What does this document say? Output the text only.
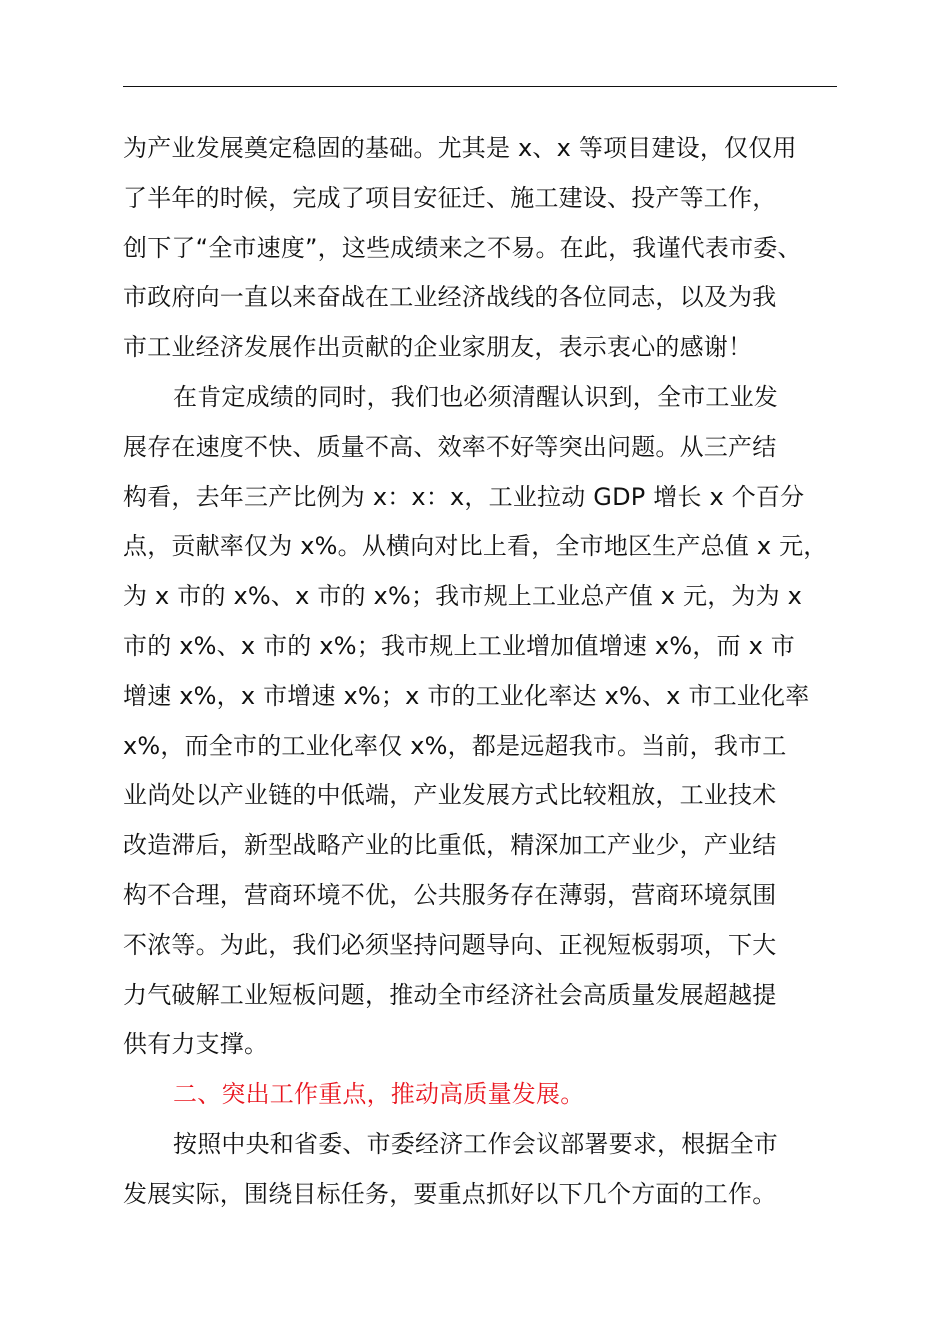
为产业发展奠定稳固的基础。尤其是 x、x 等项目建设，仅仅用
了半年的时候，完成了项目安征迁、施工建设、投产等工作，
创下了“全市速度”，这些成绩来之不易。在此，我谨代表市委、
市政府向一直以来奋战在工业经济战线的各位同志，以及为我
市工业经济发展作出贡献的企业家朋友，表示衷心的感谢！
在肯定成绩的同时，我们也必须清醒认识到，全市工业发
展存在速度不快、质量不高、效率不好等突出问题。从三产结
构看，去年三产比例为 x：x：x，工业拉动 GDP 增长 x 个百分
点，贡献率仅为 x%。从横向对比上看，全市地区生产总值 x 元，
为 x 市的 x%、x 市的 x%；我市规上工业总产值 x 元，为为 x
市的 x%、x 市的 x%；我市规上工业增加值增速 x%，而 x 市
增速 x%，x 市增速 x%；x 市的工业化率达 x%、x 市工业化率
x%，而全市的工业化率仅 x%，都是远超我市。当前，我市工
业尚处以产业链的中低端，产业发展方式比较粗放，工业技术
改造滞后，新型战略产业的比重低，精深加工产业少，产业结
构不合理，营商环境不优，公共服务存在薄弱，营商环境氛围
不浓等。为此，我们必须坚持问题导向、正视短板弱项，下大
力气破解工业短板问题，推动全市经济社会高质量发展超越提
供有力支撑。
二、突出工作重点，推动高质量发展。
按照中央和省委、市委经济工作会议部署要求，根据全市
发展实际，围绕目标任务，要重点抓好以下几个方面的工作。
